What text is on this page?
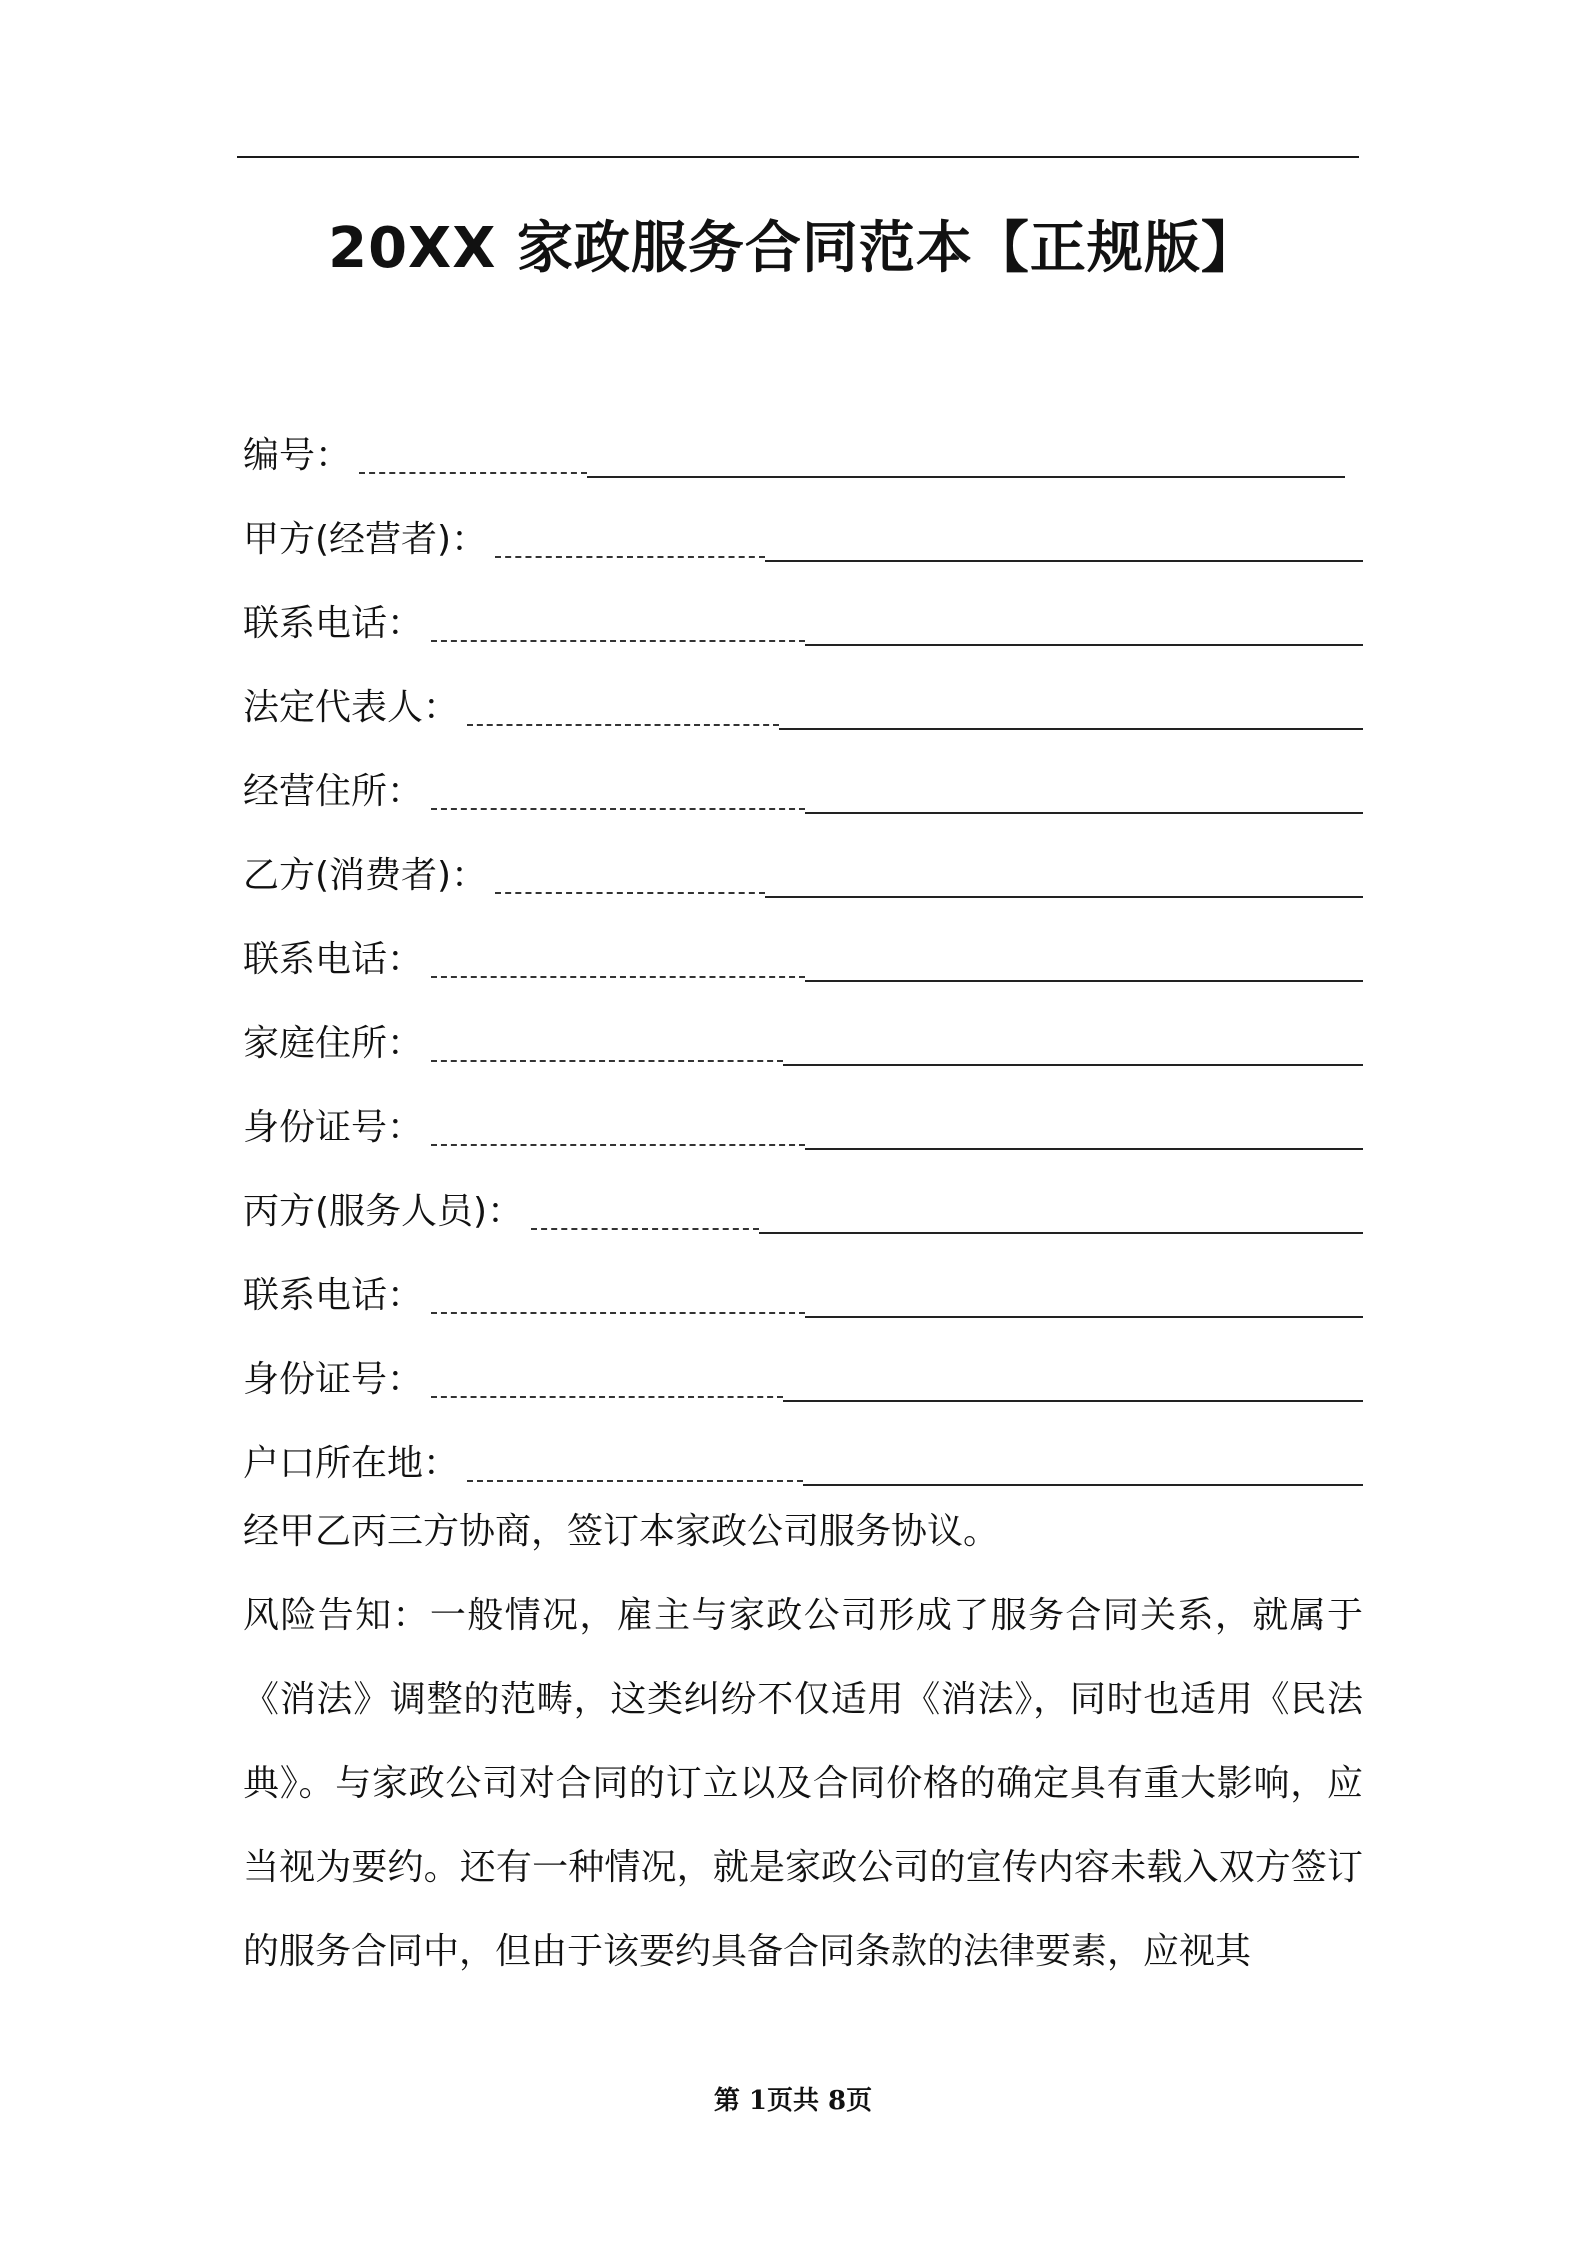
20XX 家政服务合同范本【正规版】
编号：
甲方(经营者)：
联系电话：
法定代表人：
经营住所：
乙方(消费者)：
联系电话：
家庭住所：
身份证号：
丙方(服务人员)：
联系电话：
身份证号：
户口所在地：

经甲乙丙三方协商，签订本家政公司服务协议。

风险告知：一般情况，雇主与家政公司形成了服务合同关系，就属于《消法》调整的范畴，这类纠纷不仅适用《消法》，同时也适用《民法典》。与家政公司对合同的订立以及合同价格的确定具有重大影响，应当视为要约。还有一种情况，就是家政公司的宣传内容未载入双方签订的服务合同中，但由于该要约具备合同条款的法律要素，应视其

第 1页共 8页
